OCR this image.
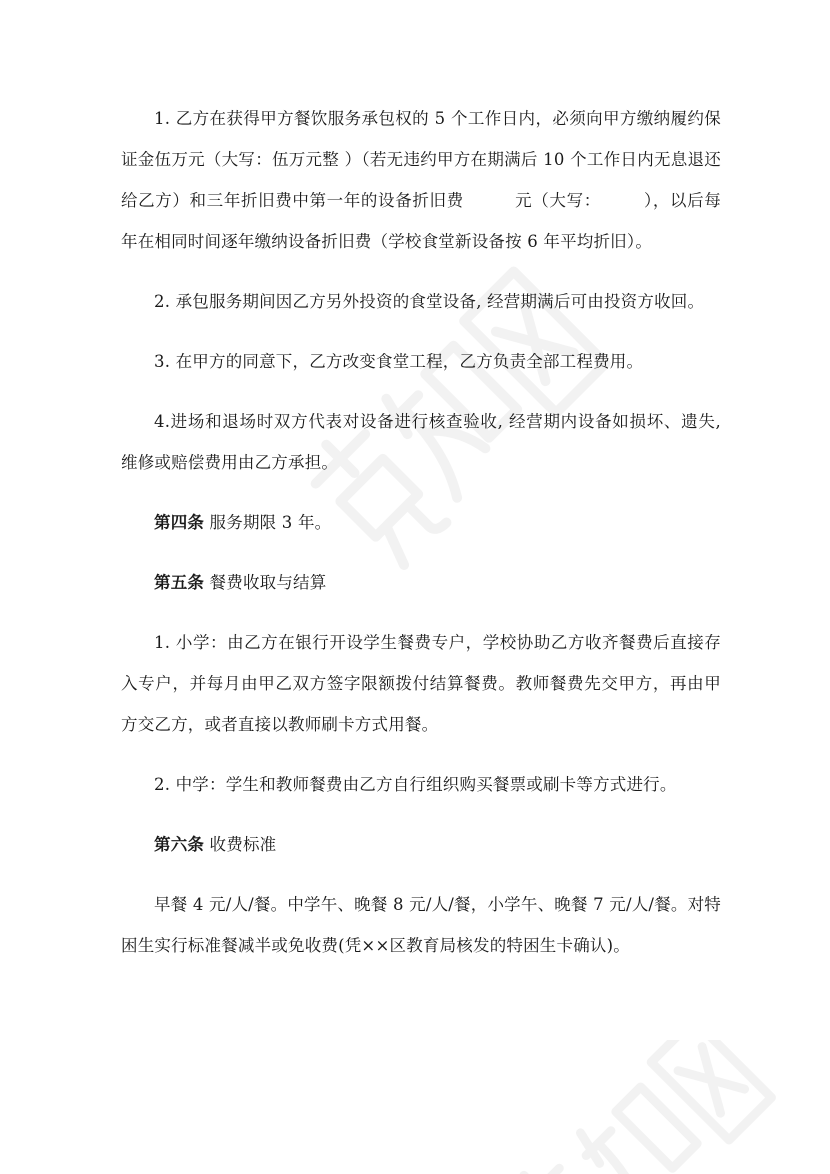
1. 乙方在获得甲方餐饮服务承包权的 5 个工作日内，必须向甲方缴纳履约保证金伍万元（大写：伍万元整 ）（若无违约甲方在期满后 10 个工作日内无息退还给乙方）和三年折旧费中第一年的设备折旧费　　　元（大写：　　　），以后每年在相同时间逐年缴纳设备折旧费（学校食堂新设备按 6 年平均折旧）。

2. 承包服务期间因乙方另外投资的食堂设备, 经营期满后可由投资方收回。

3. 在甲方的同意下，乙方改变食堂工程，乙方负责全部工程费用。

4.进场和退场时双方代表对设备进行核查验收, 经营期内设备如损坏、遗失, 维修或赔偿费用由乙方承担。

第四条 服务期限 3 年。

第五条 餐费收取与结算

1. 小学：由乙方在银行开设学生餐费专户，学校协助乙方收齐餐费后直接存入专户，并每月由甲乙双方签字限额拨付结算餐费。教师餐费先交甲方，再由甲方交乙方，或者直接以教师刷卡方式用餐。

2. 中学：学生和教师餐费由乙方自行组织购买餐票或刷卡等方式进行。

第六条 收费标准

早餐 4 元/人/餐。中学午、晚餐 8 元/人/餐，小学午、晚餐 7 元/人/餐。对特困生实行标准餐减半或免收费(凭××区教育局核发的特困生卡确认)。
